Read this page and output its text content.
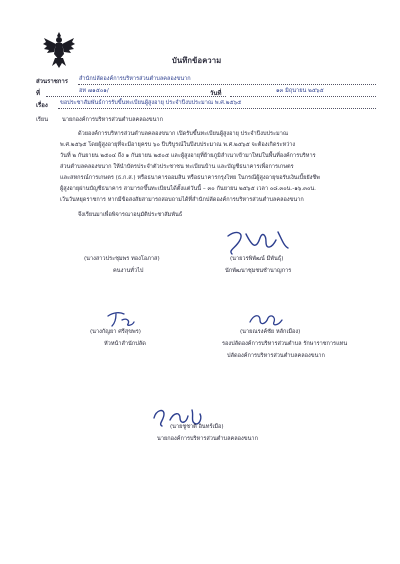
บันทึกข้อความ
ส่วนราชการ สำนักปลัดองค์การบริหารส่วนตำบลคลองขนาก
ที่	ฮท ๗๑๕๐๑/	วันที่	๑๓ มิถุนายน ๒๕๖๕
เรื่อง ขอประชาสัมพันธ์การรับขึ้นทะเบียนผู้สูงอายุ ประจำปีงบประมาณ พ.ศ.๒๕๖๕
เรียน นายกองค์การบริหารส่วนตำบลคลองขนาก
ด้วยองค์การบริหารส่วนตำบลคลองขนาก เปิดรับขึ้นทะเบียนผู้สูงอายุ ประจำปีงบประมาณ
พ.ศ.๒๕๖๕ โดยผู้สูงอายุที่จะมีอายุครบ ๖๐ ปีบริบูรณ์ในปีงบประมาณ พ.ศ.๒๕๖๕ จะต้องเกิดระหว่าง
วันที่ ๒ กันยายน ๒๕๐๔ ถึง ๑ กันยายน ๒๕๐๕ และผู้สูงอายุที่ย้ายภูมิลำเนาเข้ามาใหม่ในพื้นที่องค์การบริหาร
ส่วนตำบลคลองขนาก ให้นำบัตรประจำตัวประชาชน ทะเบียนบ้าน และบัญชีธนาคารเพื่อการเกษตร
และสหกรณ์การเกษตร (ธ.ก.ส.) หรือธนาคารออมสิน หรือธนาคารกรุงไทย ในกรณีผู้สูงอายุขอรับเงินเบี้ยยังชีพ
ผู้สูงอายุผ่านบัญชีธนาคาร สามารถขึ้นทะเบียนได้ตั้งแต่วันนี้ – ๓๐ กันยายน ๒๕๖๕ เวลา ๐๘.๓๐น.-๑๖.๓๐น.
เว้นวันหยุดราชการ หากมีข้อสงสัยสามารถสอบถามได้ที่สำนักปลัดองค์การบริหารส่วนตำบลคลองขนาก
จึงเรียนมาเพื่อพิจารณาอนุมัติประชาสัมพันธ์
(นางสาวประชุมพร ทองโอภาส)
คนงานทั่วไป
(นายวรพิพัฒน์ มีพันธุ์)
นักพัฒนาชุมชนชำนาญการ
(นางกัญยา ศรีสุขพร)
หัวหน้าสำนักปลัด
(นายณรงค์ชัย หลักเมือง)
รองปลัดองค์การบริหารส่วนตำบล รักษาราชการแทน
ปลัดองค์การบริหารส่วนตำบลคลองขนาก
(นายชูชาติ อินทร์เมือ)
นายกองค์การบริหารส่วนตำบลคลองขนาก
